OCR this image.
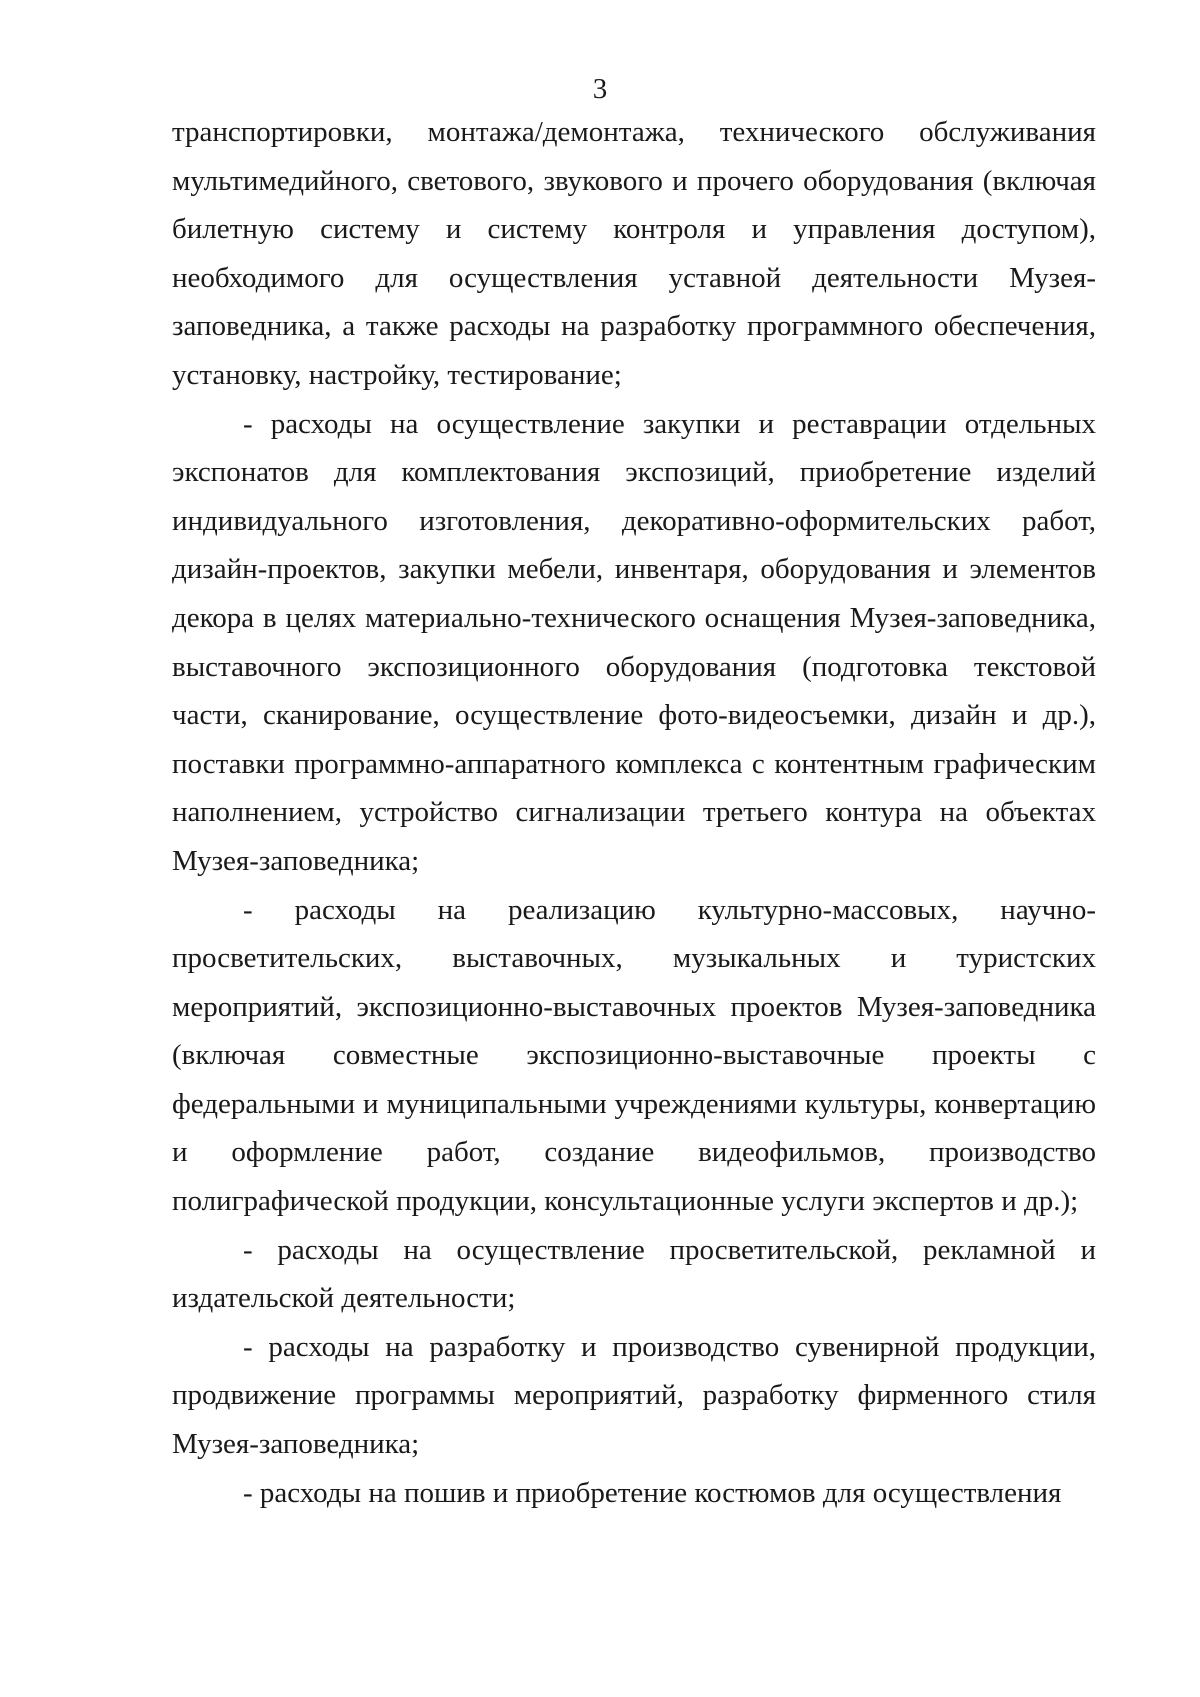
3

транспортировки, монтажа/демонтажа, технического обслуживания мультимедийного, светового, звукового и прочего оборудования (включая билетную систему и систему контроля и управления доступом), необходимого для осуществления уставной деятельности Музея-заповедника, а также расходы на разработку программного обеспечения, установку, настройку, тестирование;

- расходы на осуществление закупки и реставрации отдельных экспонатов для комплектования экспозиций, приобретение изделий индивидуального изготовления, декоративно-оформительских работ, дизайн-проектов, закупки мебели, инвентаря, оборудования и элементов декора в целях материально-технического оснащения Музея-заповедника, выставочного экспозиционного оборудования (подготовка текстовой части, сканирование, осуществление фото-видеосъемки, дизайн и др.), поставки программно-аппаратного комплекса с контентным графическим наполнением, устройство сигнализации третьего контура на объектах Музея-заповедника;

- расходы на реализацию культурно-массовых, научно-просветительских, выставочных, музыкальных и туристских мероприятий, экспозиционно-выставочных проектов Музея-заповедника (включая совместные экспозиционно-выставочные проекты с федеральными и муниципальными учреждениями культуры, конвертацию и оформление работ, создание видеофильмов, производство полиграфической продукции, консультационные услуги экспертов и др.);

- расходы на осуществление просветительской, рекламной и издательской деятельности;

- расходы на разработку и производство сувенирной продукции, продвижение программы мероприятий, разработку фирменного стиля Музея-заповедника;

- расходы на пошив и приобретение костюмов для осуществления
